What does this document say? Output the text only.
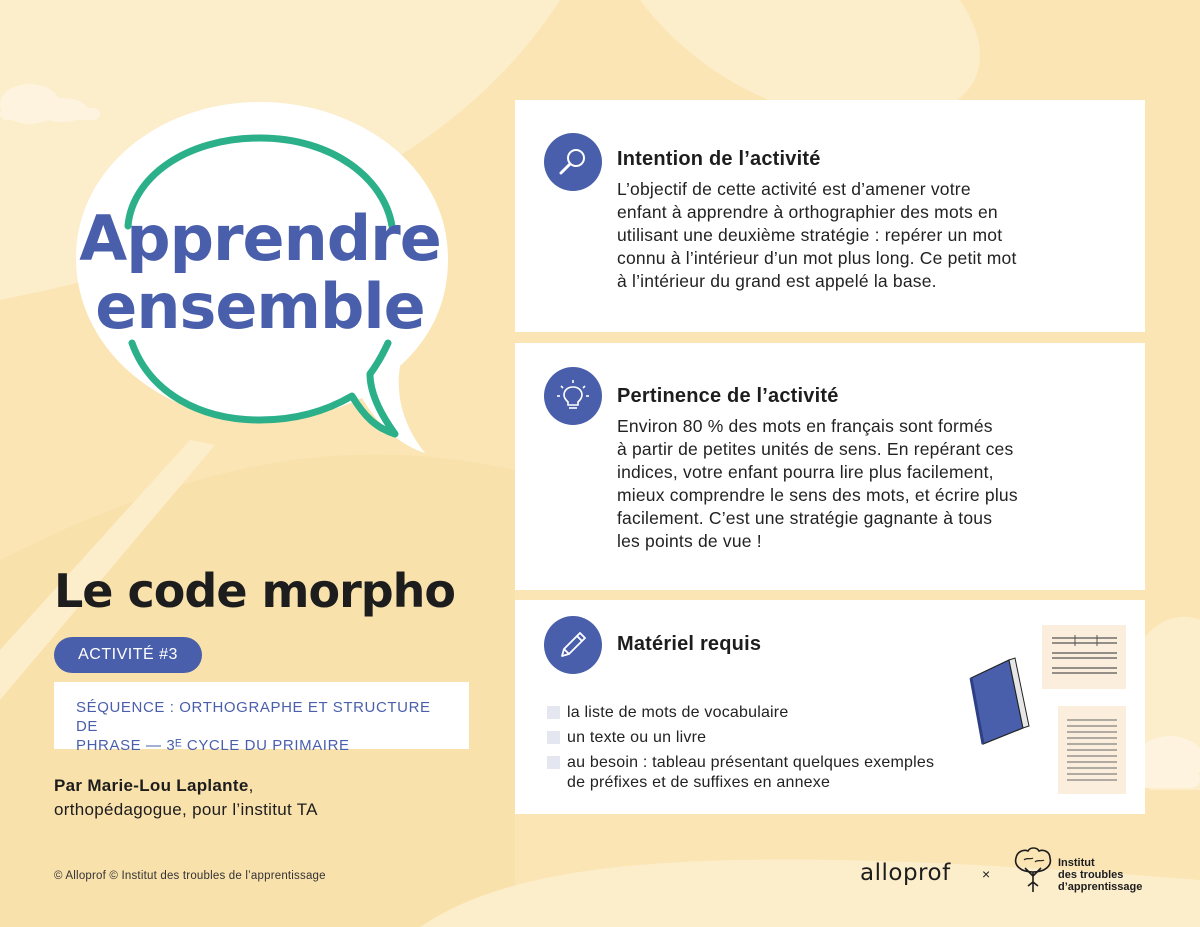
Apprendre
ensemble
Le code morpho
ACTIVITÉ #3
SÉQUENCE : ORTHOGRAPHE ET STRUCTURE DE
PHRASE — 3ᴱ CYCLE DU PRIMAIRE
Par Marie-Lou Laplante,
orthopédagogue, pour l’institut TA
© Alloprof © Institut des troubles de l’apprentissage
Intention de l’activité
L’objectif de cette activité est d’amener votre
enfant à apprendre à orthographier des mots en
utilisant une deuxième stratégie : repérer un mot
connu à l’intérieur d’un mot plus long. Ce petit mot
à l’intérieur du grand est appelé la base.
Pertinence de l’activité
Environ 80 % des mots en français sont formés
à partir de petites unités de sens. En repérant ces
indices, votre enfant pourra lire plus facilement,
mieux comprendre le sens des mots, et écrire plus
facilement. C’est une stratégie gagnante à tous
les points de vue !
Matériel requis
la liste de mots de vocabulaire
un texte ou un livre
au besoin : tableau présentant quelques exemples
de préfixes et de suffixes en annexe
alloprof ×
Institut
des troubles
d’apprentissage
